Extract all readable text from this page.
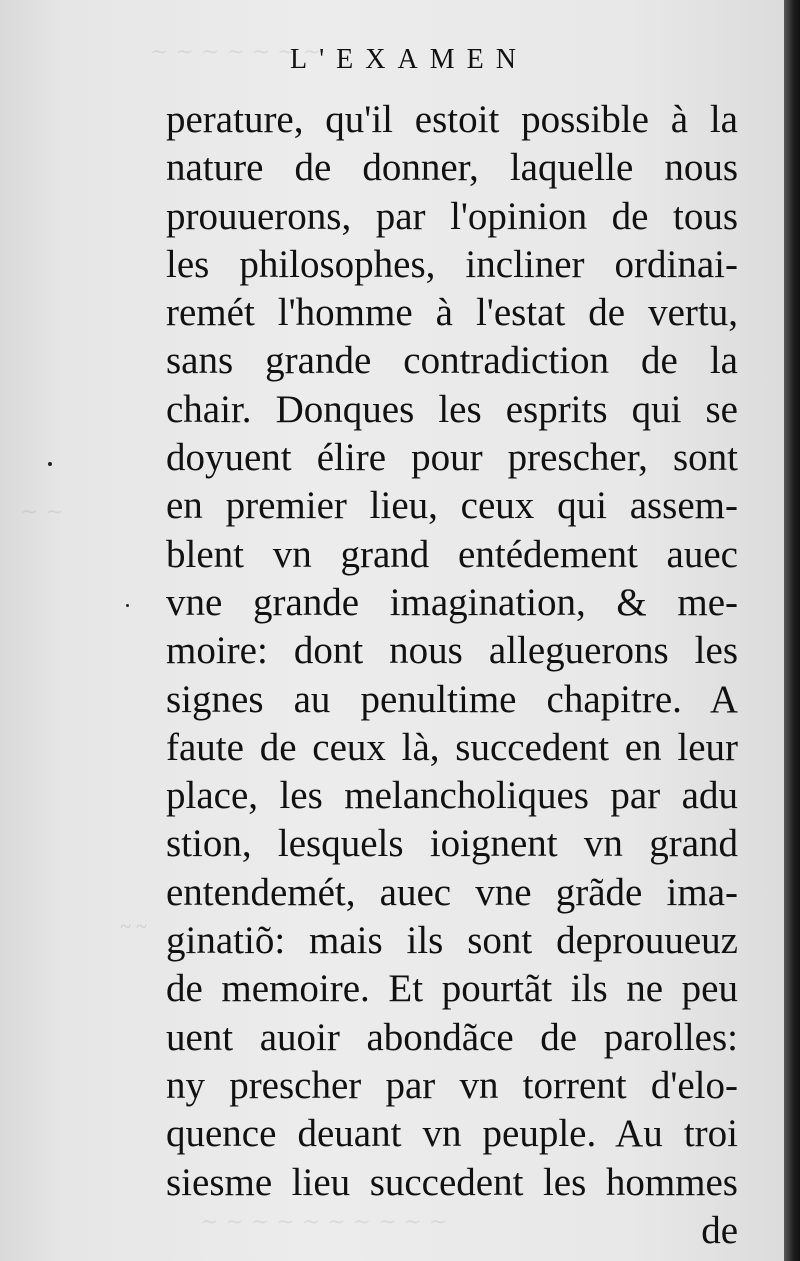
~ ~ ~ ~ ~ ~ ~
~ ~
~ ~ ~ ~ ~ ~ ~ ~ ~ ~
~ ~
L'EXAMEN
perature, qu'il estoit possible à la
nature de donner, laquelle nous
prouuerons, par l'opinion de tous
les philosophes, incliner ordinai-
remét l'homme à l'estat de vertu,
sans grande contradiction de la
chair. Donques les esprits qui se
doyuent élire pour prescher, sont
en premier lieu, ceux qui assem-
blent vn grand entédement auec
vne grande imagination, & me-
moire: dont nous alleguerons les
signes au penultime chapitre. A
faute de ceux là, succedent en leur
place, les melancholiques par adu
stion, lesquels ioignent vn grand
entendemét, auec vne grãde ima-
ginatiõ: mais ils sont deprouueuz
de memoire. Et pourtãt ils ne peu
uent auoir abondãce de parolles:
ny prescher par vn torrent d'elo-
quence deuant vn peuple. Au troi
siesme lieu succedent les hommes
de
